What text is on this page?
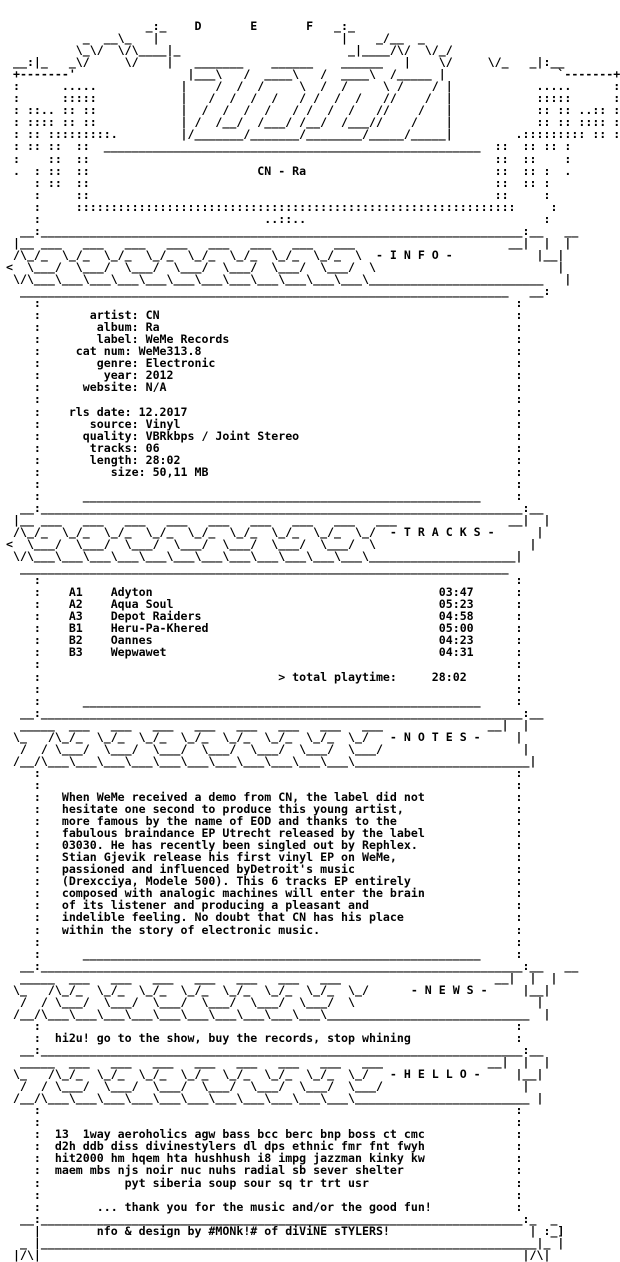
_:_    D       E       F   _:_
_  __\_   |                          |    _/__  _
\_\/  \/\____|_                        _|____/\/  \/_/
__:|_   _\/     \/    |   _______    ______    ______   |    \/     \/_   _|:__
+-------'                |___\   /  ____\   /  ____\  /_____ |                `-------+
:      .....            |    /  /  /     \  /  /     \ /    / |            .....      :
:      :::::            |   /  /  /  /   / /  /  /   //    /  |            :::::      :
: ::.. :: ::            |  /  /  /  /   / /  /  /   //    /   |            :: :: ..:: :
: :::: :: ::            | /  /__/  /___/ /__/  /___//    /    |            :: :: :::: :
: :: :::::::::.         |/_______/_______/________/_____/_____|         .::::::::: :: :
: :: ::  ::  ______________________________________________________  ::  :: :: :
:    ::  ::                                                          ::  ::    :
.  : ::  ::                        CN - Ra                           ::  :: :  .
: ::  ::                                                          ::  :: :
:     ::                                                          ::     :
:     :::::::::::::::::::::::::::::::::::::::::::::::::::::::::::::::     :
:                                ..::..                                  :
__:_____________________________________________________________________:__   __
|__ ___   ___   ___   ___   ___   ___   ___   ___                      __|  |  |
/\_/_  \_/_  \_/_  \_/_  \_/_  \_/_  \_/_  \_/_  \  - I N F O -            |__|
<  \___/  \___/  \___/  \___/  \___/  \___/  \___/  \                          |
\/\___\___\___\___\___\___\___\___\___\___\___\___\_________________________   |
______________________________________________________________________   __:
:                                                                    :
:       artist: CN                                                   :
:        album: Ra                                                   :
:        label: WeMe Records                                         :
:     cat num: WeMe313.8                                             :
:        genre: Electronic                                           :
:         year: 2012                                                 :
:      website: N/A                                                  :
:                                                                    :
:    rls date: 12.2017                                               :
:       source: Vinyl                                                :
:      quality: VBRkbps / Joint Stereo                               :
:       tracks: 06                                                   :
:       length: 28:02                                                :
:          size: 50,11 MB                                            :
:                                                                    :
:      _________________________________________________________     :
__:_____________________________________________________________________:__
|__ ___   ___   ___   ___   ___   ___   ___   ___   ___                __|  |
/\_/_  \_/_  \_/_  \_/_  \_/_  \_/_  \_/_  \_/_  \_/  - T R A C K S -      |
<  \___/  \___/  \___/  \___/  \___/  \___/  \___/  \                      |
\/\___\___\___\___\___\___\___\___\___\___\___\___\_____________________|
______________________________________________________________________
:                                                                    :
:    A1    Adyton                                         03:47      :
:    A2    Aqua Soul                                      05:23      :
:    A3    Depot Raiders                                  04:58      :
:    B1    Heru-Pa-Khered                                 05:00      :
:    B2    Oannes                                         04:23      :
:    B3    Wepwawet                                       04:31      :
:                                                                    :
:                                  > total playtime:     28:02       :
:                                                                    :
:      _________________________________________________________     :
__:_____________________________________________________________________:__
_____  ___   ___   ___   ___   ___   ___   ___   ___               __|  |
\_   /\_/_  \_/_  \_/_  \_/_  \_/_  \_/_  \_/_  \_/   - N O T E S -     |
/  / \___/  \___/  \___/  \___/  \___/  \___/  \___/                    |
/__/\___\___\___\___\___\___\___\___\___\___\___\_________________________|
:                                                                    :
:                                                                    :
:   When WeMe received a demo from CN, the label did not             :
:   hesitate one second to produce this young artist,                :
:   more famous by the name of EOD and thanks to the                 :
:   fabulous braindance EP Utrecht released by the label             :
:   03030. He has recently been singled out by Rephlex.              :
:   Stian Gjevik release his first vinyl EP on WeMe,                 :
:   passioned and influenced byDetroit's music                       :
:   (Drexcciya, Modele 500). This 6 tracks EP entirely               :
:   composed with analogic machines will enter the brain             :
:   of its listener and producing a pleasant and                     :
:   indelible feeling. No doubt that CN has his place                :
:   within the story of electronic music.                            :
:                                                                    :
:      _________________________________________________________     :
__:_____________________________________________________________________:__   __
_____  ___   ___   ___   ___   ___   ___   ___                      __|  |  |
\_   /\_/_  \_/_  \_/_  \_/_  \_/_  \_/_  \_/_  \_/      - N E W S -     |__|
/  / \___/  \___/  \___/  \___/  \___/  \___/  \                          |
/__/\___\___\___\___\___\___\___\___\___\___\_____________________________  |
:                                                                    :
:  hi2u! go to the show, buy the records, stop whining               :
__:_____________________________________________________________________:__
_____  ___   ___   ___   ___   ___   ___   ___   ___               __|  |  |
\_   /\_/_  \_/_  \_/_  \_/_  \_/_  \_/_  \_/_  \_/   - H E L L O -     |__|
/  / \___/  \___/  \___/  \___/  \___/  \___/  \___/                    |
/__/\___\___\___\___\___\___\___\___\___\___\___\_________________________ |
:                                                                    :
:                                                                    :
:  13  1way aeroholics agw bass bcc berc bnp boss ct cmc             :
:  d2h ddb diss divinestylers dl dps ethnic fmr fnt fwyh             :
:  hit2000 hm hqem hta hushhush i8 impg jazzman kinky kw             :
:  maem mbs njs noir nuc nuhs radial sb sever shelter                :
:            pyt siberia soup sour sq tr trt usr                     :
:                                                                    :
:        ... thank you for the music and/or the good fun!            :
__:_____________________________________________________________________:_  _
|        nfo & design by #MONk!# of diViNE sTYLERS!                    | :_]
_ |_______________________________________________________________________|_ |
|/\|                                                                     |/\|
